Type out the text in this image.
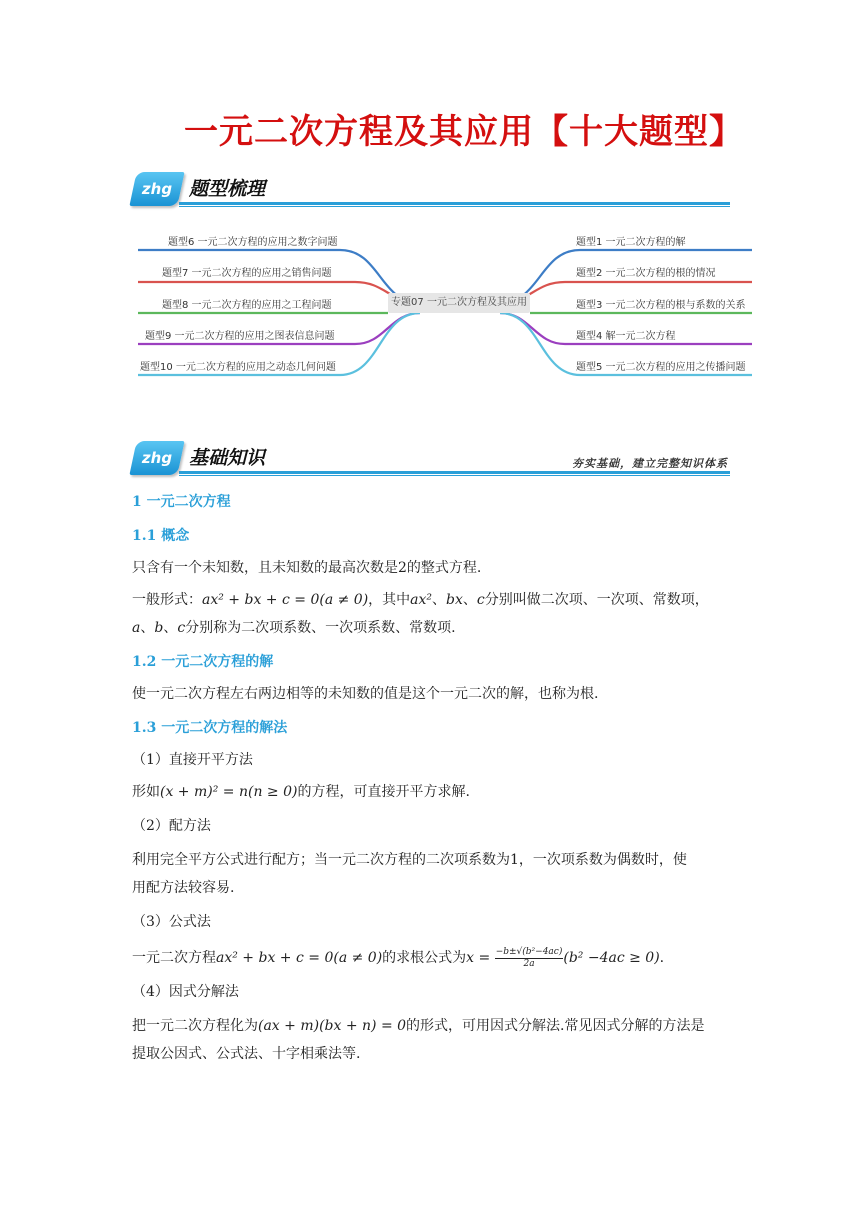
一元二次方程及其应用【十大题型】
zhg 题型梳理
专题07 一元二次方程及其应用
题型6 一元二次方程的应用之数字问题
题型7 一元二次方程的应用之销售问题
题型8 一元二次方程的应用之工程问题
题型9 一元二次方程的应用之图表信息问题
题型10 一元二次方程的应用之动态几何问题
题型1 一元二次方程的解
题型2 一元二次方程的根的情况
题型3 一元二次方程的根与系数的关系
题型4 解一元二次方程
题型5 一元二次方程的应用之传播问题
zhg 基础知识	夯实基础，建立完整知识体系
1 一元二次方程
1.1 概念
只含有一个未知数，且未知数的最高次数是2的整式方程.
一般形式：ax² + bx + c = 0(a ≠ 0)，其中ax²、bx、c分别叫做二次项、一次项、常数项，
a、b、c分别称为二次项系数、一次项系数、常数项.
1.2 一元二次方程的解
使一元二次方程左右两边相等的未知数的值是这个一元二次的解，也称为根.
1.3 一元二次方程的解法
（1）直接开平方法
形如(x + m)² = n(n ≥ 0)的方程，可直接开平方求解.
（2）配方法
利用完全平方公式进行配方；当一元二次方程的二次项系数为1，一次项系数为偶数时，使
用配方法较容易.
（3）公式法
一元二次方程ax² + bx + c = 0(a ≠ 0)的求根公式为$x = \frac{\text{−b±√(b²−4ac)}}{2a} (b^2 -4ac \ge 0)$.
（4）因式分解法
把一元二次方程化为(ax + m)(bx + n) = 0的形式，可用因式分解法.常见因式分解的方法是
提取公因式、公式法、十字相乘法等.
